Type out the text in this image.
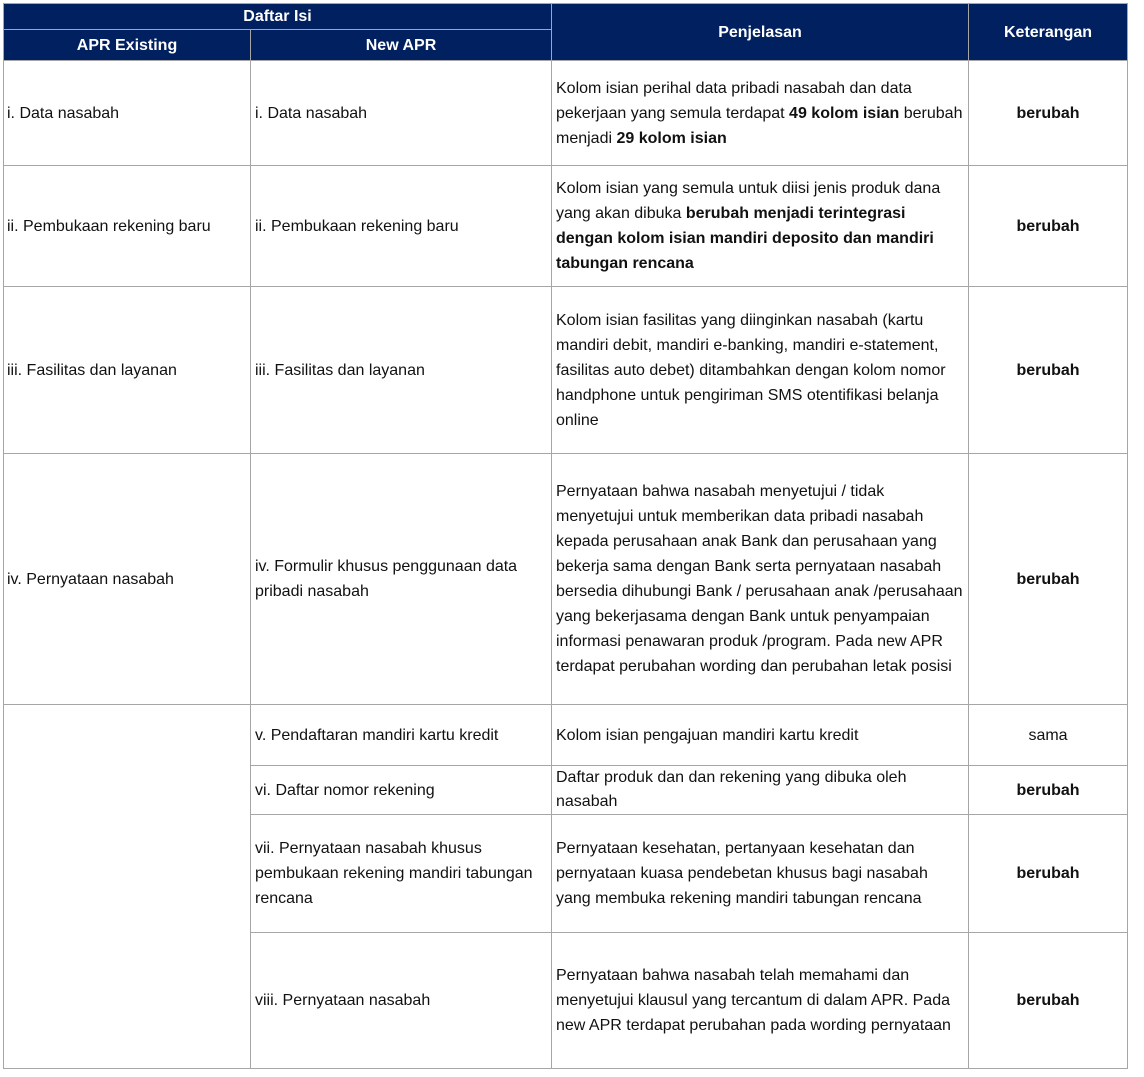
Daftar Isi		Penjelasan	Keterangan
APR Existing	New APR		
i. Data nasabah	i. Data nasabah	Kolom isian perihal data pribadi nasabah dan data pekerjaan yang semula terdapat 49 kolom isian berubah menjadi 29 kolom isian	berubah
ii. Pembukaan rekening baru	ii. Pembukaan rekening baru	Kolom isian yang semula untuk diisi jenis produk dana yang akan dibuka berubah menjadi terintegrasi dengan kolom isian mandiri deposito dan mandiri tabungan rencana	berubah
iii. Fasilitas dan layanan	iii. Fasilitas dan layanan	Kolom isian fasilitas yang diinginkan nasabah (kartu mandiri debit, mandiri e-banking, mandiri e-statement, fasilitas auto debet) ditambahkan dengan kolom nomor handphone untuk pengiriman SMS otentifikasi belanja online	berubah
iv. Pernyataan nasabah	iv. Formulir khusus penggunaan data pribadi nasabah	Pernyataan bahwa nasabah menyetujui / tidak menyetujui untuk memberikan data pribadi nasabah kepada perusahaan anak Bank dan perusahaan yang bekerja sama dengan Bank serta pernyataan nasabah bersedia dihubungi Bank / perusahaan anak /perusahaan yang bekerjasama dengan Bank untuk penyampaian informasi penawaran produk /program. Pada new APR terdapat perubahan wording dan perubahan letak posisi	berubah
	v. Pendaftaran mandiri kartu kredit	Kolom isian pengajuan mandiri kartu kredit	sama
	vi. Daftar nomor rekening	Daftar produk dan dan rekening yang dibuka oleh nasabah	berubah
	vii. Pernyataan nasabah khusus pembukaan rekening mandiri tabungan rencana	Pernyataan kesehatan, pertanyaan kesehatan dan pernyataan kuasa pendebetan khusus bagi nasabah yang membuka rekening mandiri tabungan rencana	berubah
	viii. Pernyataan nasabah	Pernyataan bahwa nasabah telah memahami dan menyetujui klausul yang tercantum di dalam APR. Pada new APR terdapat perubahan pada wording pernyataan	berubah
